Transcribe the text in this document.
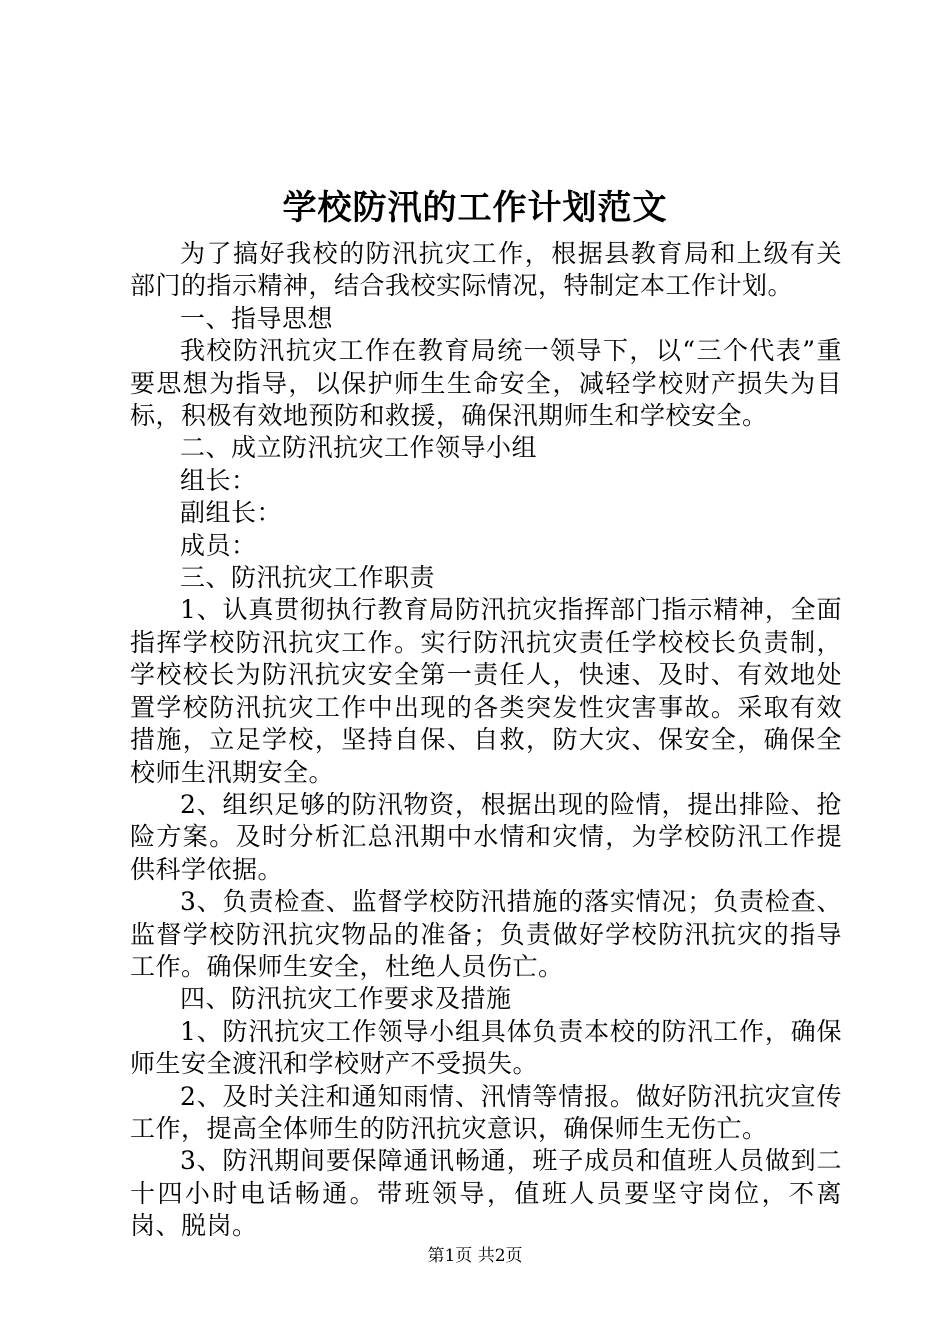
学校防汛的工作计划范文

为了搞好我校的防汛抗灾工作，根据县教育局和上级有关部门的指示精神，结合我校实际情况，特制定本工作计划。

一、指导思想

我校防汛抗灾工作在教育局统一领导下，以“三个代表”重要思想为指导，以保护师生生命安全，减轻学校财产损失为目标，积极有效地预防和救援，确保汛期师生和学校安全。

二、成立防汛抗灾工作领导小组

组长：

副组长：

成员：

三、防汛抗灾工作职责

1、认真贯彻执行教育局防汛抗灾指挥部门指示精神，全面指挥学校防汛抗灾工作。实行防汛抗灾责任学校校长负责制，学校校长为防汛抗灾安全第一责任人，快速、及时、有效地处置学校防汛抗灾工作中出现的各类突发性灾害事故。采取有效措施，立足学校，坚持自保、自救，防大灾、保安全，确保全校师生汛期安全。

2、组织足够的防汛物资，根据出现的险情，提出排险、抢险方案。及时分析汇总汛期中水情和灾情，为学校防汛工作提供科学依据。

3、负责检查、监督学校防汛措施的落实情况；负责检查、监督学校防汛抗灾物品的准备；负责做好学校防汛抗灾的指导工作。确保师生安全，杜绝人员伤亡。

四、防汛抗灾工作要求及措施

1、防汛抗灾工作领导小组具体负责本校的防汛工作，确保师生安全渡汛和学校财产不受损失。

2、及时关注和通知雨情、汛情等情报。做好防汛抗灾宣传工作，提高全体师生的防汛抗灾意识，确保师生无伤亡。

3、防汛期间要保障通讯畅通，班子成员和值班人员做到二十四小时电话畅通。带班领导，值班人员要坚守岗位，不离岗、脱岗。

第1页 共2页
